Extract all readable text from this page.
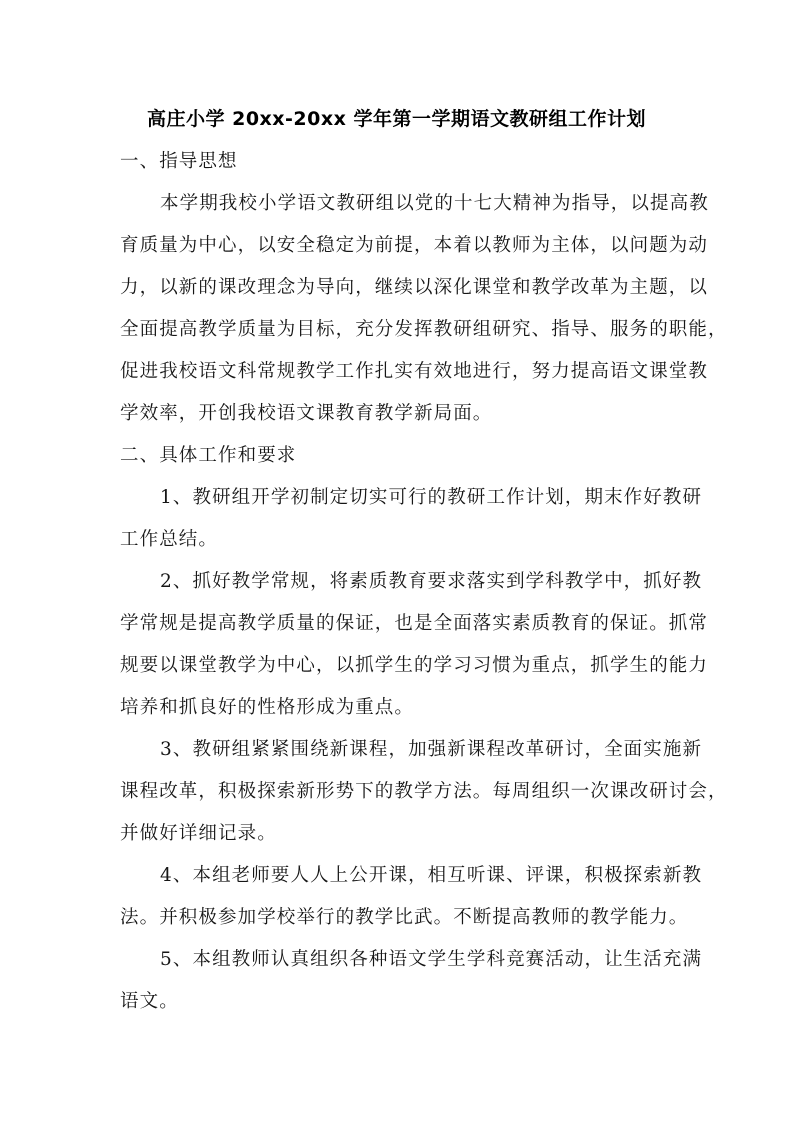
高庄小学 20xx-20xx 学年第一学期语文教研组工作计划
一、指导思想
本学期我校小学语文教研组以党的十七大精神为指导，以提高教
育质量为中心，以安全稳定为前提，本着以教师为主体，以问题为动
力，以新的课改理念为导向，继续以深化课堂和教学改革为主题，以
全面提高教学质量为目标，充分发挥教研组研究、指导、服务的职能，
促进我校语文科常规教学工作扎实有效地进行，努力提高语文课堂教
学效率，开创我校语文课教育教学新局面。
二、具体工作和要求
1、教研组开学初制定切实可行的教研工作计划，期末作好教研
工作总结。
2、抓好教学常规，将素质教育要求落实到学科教学中，抓好教
学常规是提高教学质量的保证，也是全面落实素质教育的保证。抓常
规要以课堂教学为中心，以抓学生的学习习惯为重点，抓学生的能力
培养和抓良好的性格形成为重点。
3、教研组紧紧围绕新课程，加强新课程改革研讨，全面实施新
课程改革，积极探索新形势下的教学方法。每周组织一次课改研讨会，
并做好详细记录。
4、本组老师要人人上公开课，相互听课、评课，积极探索新教
法。并积极参加学校举行的教学比武。不断提高教师的教学能力。
5、本组教师认真组织各种语文学生学科竞赛活动，让生活充满
语文。
